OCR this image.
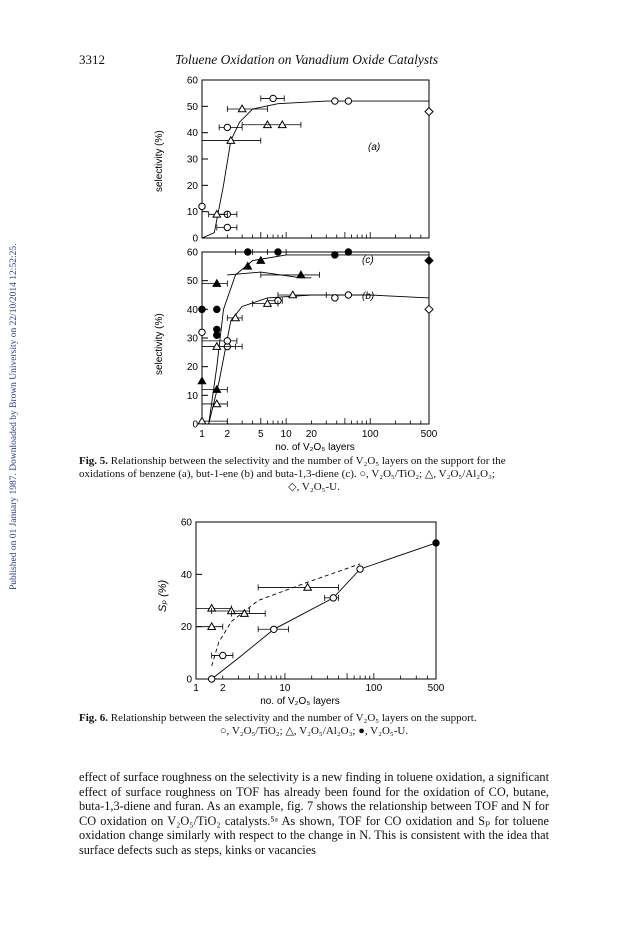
3312	Toluene Oxidation on Vanadium Oxide Catalysts
Published on 01 January 1987. Downloaded by Brown University on 22/10/2014 12:52:25.
0
10
20
30
40
50
60
(a)
selectivity (%)
0
10
20
30
40
50
60
1 2	5 10 20	100	500
(c)
(b)
selectivity (%)
no. of V₂O₅ layers
Fig. 5. Relationship between the selectivity and the number of V₂O₅ layers on the support for the oxidations of benzene (a), but-1-ene (b) and buta-1,3-diene (c). ○, V₂O₅/TiO₂; △, V₂O₅/Al₂O₃;
◇, V₂O₅-U.
0
20
40
60
1 2	10	100	500
Sₚ (%)
no. of V₂O₅ layers
Fig. 6. Relationship between the selectivity and the number of V₂O₅ layers on the support.
○, V₂O₅/TiO₂; △, V₂O₅/Al₂O₃; ●, V₂O₅-U.
effect of surface roughness on the selectivity is a new finding in toluene oxidation, a significant effect of surface roughness on TOF has already been found for the oxidation of CO, butane, buta-1,3-diene and furan. As an example, fig. 7 shows the relationship between TOF and N for CO oxidation on V₂O₅/TiO₂ catalysts.⁵ᵃ As shown, TOF for CO oxidation and Sₚ for toluene oxidation change similarly with respect to the change in N. This is consistent with the idea that surface defects such as steps, kinks or vacancies
